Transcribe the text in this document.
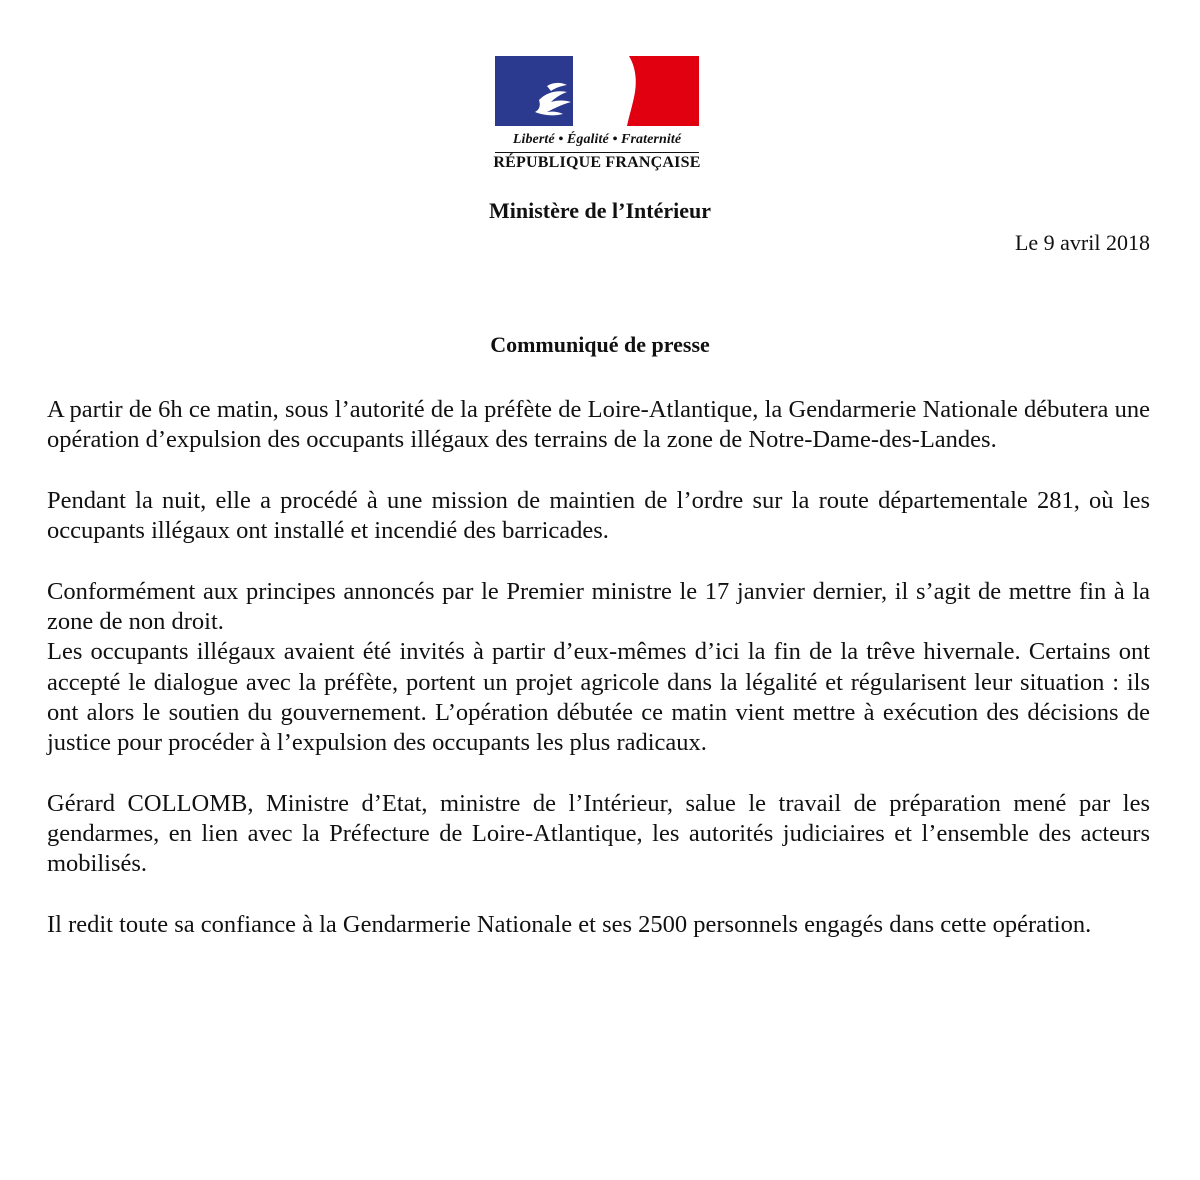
Liberté • Égalité • Fraternité
RÉPUBLIQUE FRANÇAISE
Ministère de l’Intérieur
Le 9 avril 2018
Communiqué de presse

A partir de 6h ce matin, sous l’autorité de la préfète de Loire-Atlantique, la Gendarmerie Nationale débutera une opération d’expulsion des occupants illégaux des terrains de la zone de Notre-Dame-des-Landes.

Pendant la nuit, elle a procédé à une mission de maintien de l’ordre sur la route départementale 281, où les occupants illégaux ont installé et incendié des barricades.

Conformément aux principes annoncés par le Premier ministre le 17 janvier dernier, il s’agit de mettre fin à la zone de non droit.

Les occupants illégaux avaient été invités à partir d’eux-mêmes d’ici la fin de la trêve hivernale. Certains ont accepté le dialogue avec la préfète, portent un projet agricole dans la légalité et régularisent leur situation : ils ont alors le soutien du gouvernement. L’opération débutée ce matin vient mettre à exécution des décisions de justice pour procéder à l’expulsion des occupants les plus radicaux.

Gérard COLLOMB, Ministre d’Etat, ministre de l’Intérieur, salue le travail de préparation mené par les gendarmes, en lien avec la Préfecture de Loire-Atlantique, les autorités judiciaires et l’ensemble des acteurs mobilisés.

Il redit toute sa confiance à la Gendarmerie Nationale et ses 2500 personnels engagés dans cette opération.
